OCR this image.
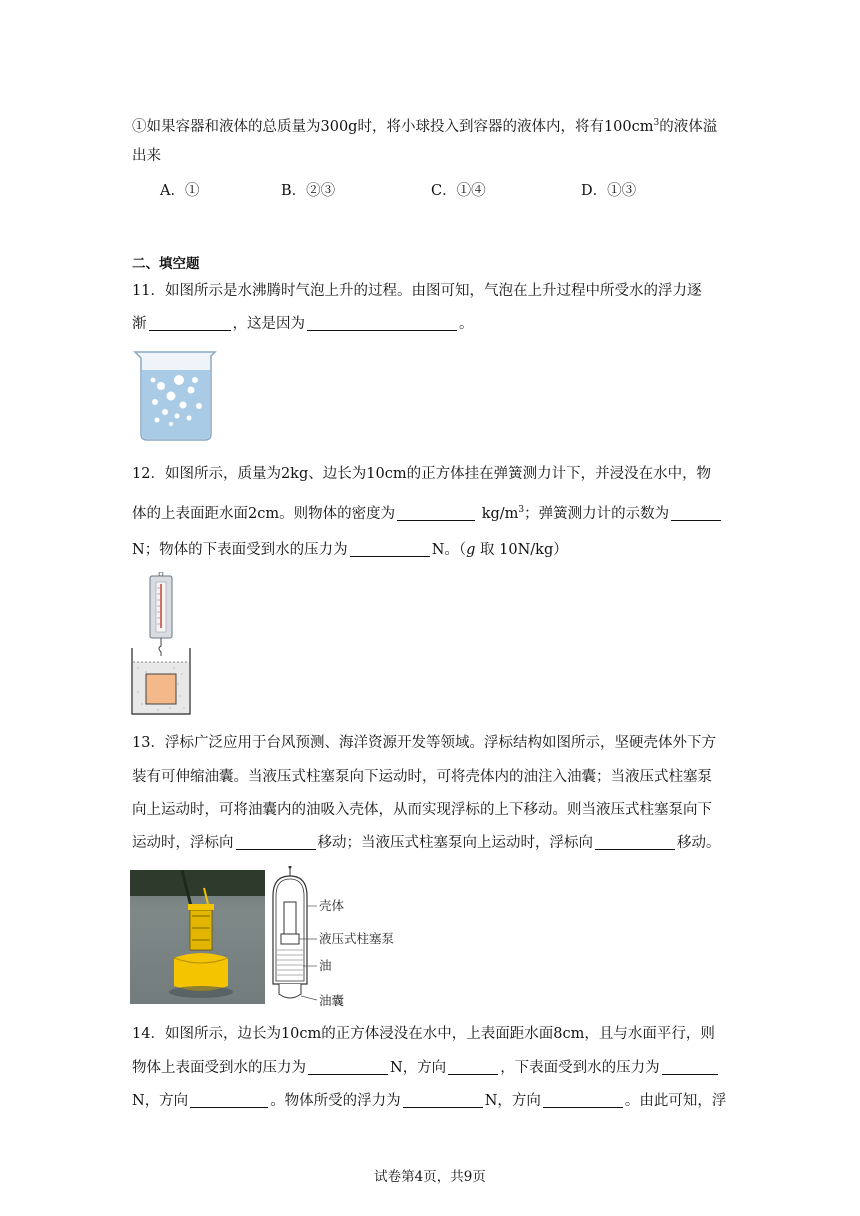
①如果容器和液体的总质量为300g时，将小球投入到容器的液体内，将有$100cm^3$的液体溢
出来
A．①	B．②③	C．①④	D．①③
二、填空题
11．如图所示是水沸腾时气泡上升的过程。由图可知，气泡在上升过程中所受水的浮力逐
渐	，这是因为	。
12．如图所示，质量为2kg、边长为10cm的正方体挂在弹簧测力计下，并浸没在水中，物
体的上表面距水面2cm。则物体的密度为	$kg/m^3$；弹簧测力计的示数为
N；物体的下表面受到水的压力为	N。（g 取 10N/kg）
13．浮标广泛应用于台风预测、海洋资源开发等领域。浮标结构如图所示，坚硬壳体外下方
装有可伸缩油囊。当液压式柱塞泵向下运动时，可将壳体内的油注入油囊；当液压式柱塞泵
向上运动时，可将油囊内的油吸入壳体，从而实现浮标的上下移动。则当液压式柱塞泵向下
运动时，浮标向	移动；当液压式柱塞泵向上运动时，浮标向	移动。
壳体
液压式柱塞泵
油
油囊
14．如图所示，边长为10cm的正方体浸没在水中，上表面距水面8cm，且与水面平行，则
物体上表面受到水的压力为	N，方向	，下表面受到水的压力为
N，方向	。物体所受的浮力为	N，方向	。由此可知，浮
试卷第4页，共9页
